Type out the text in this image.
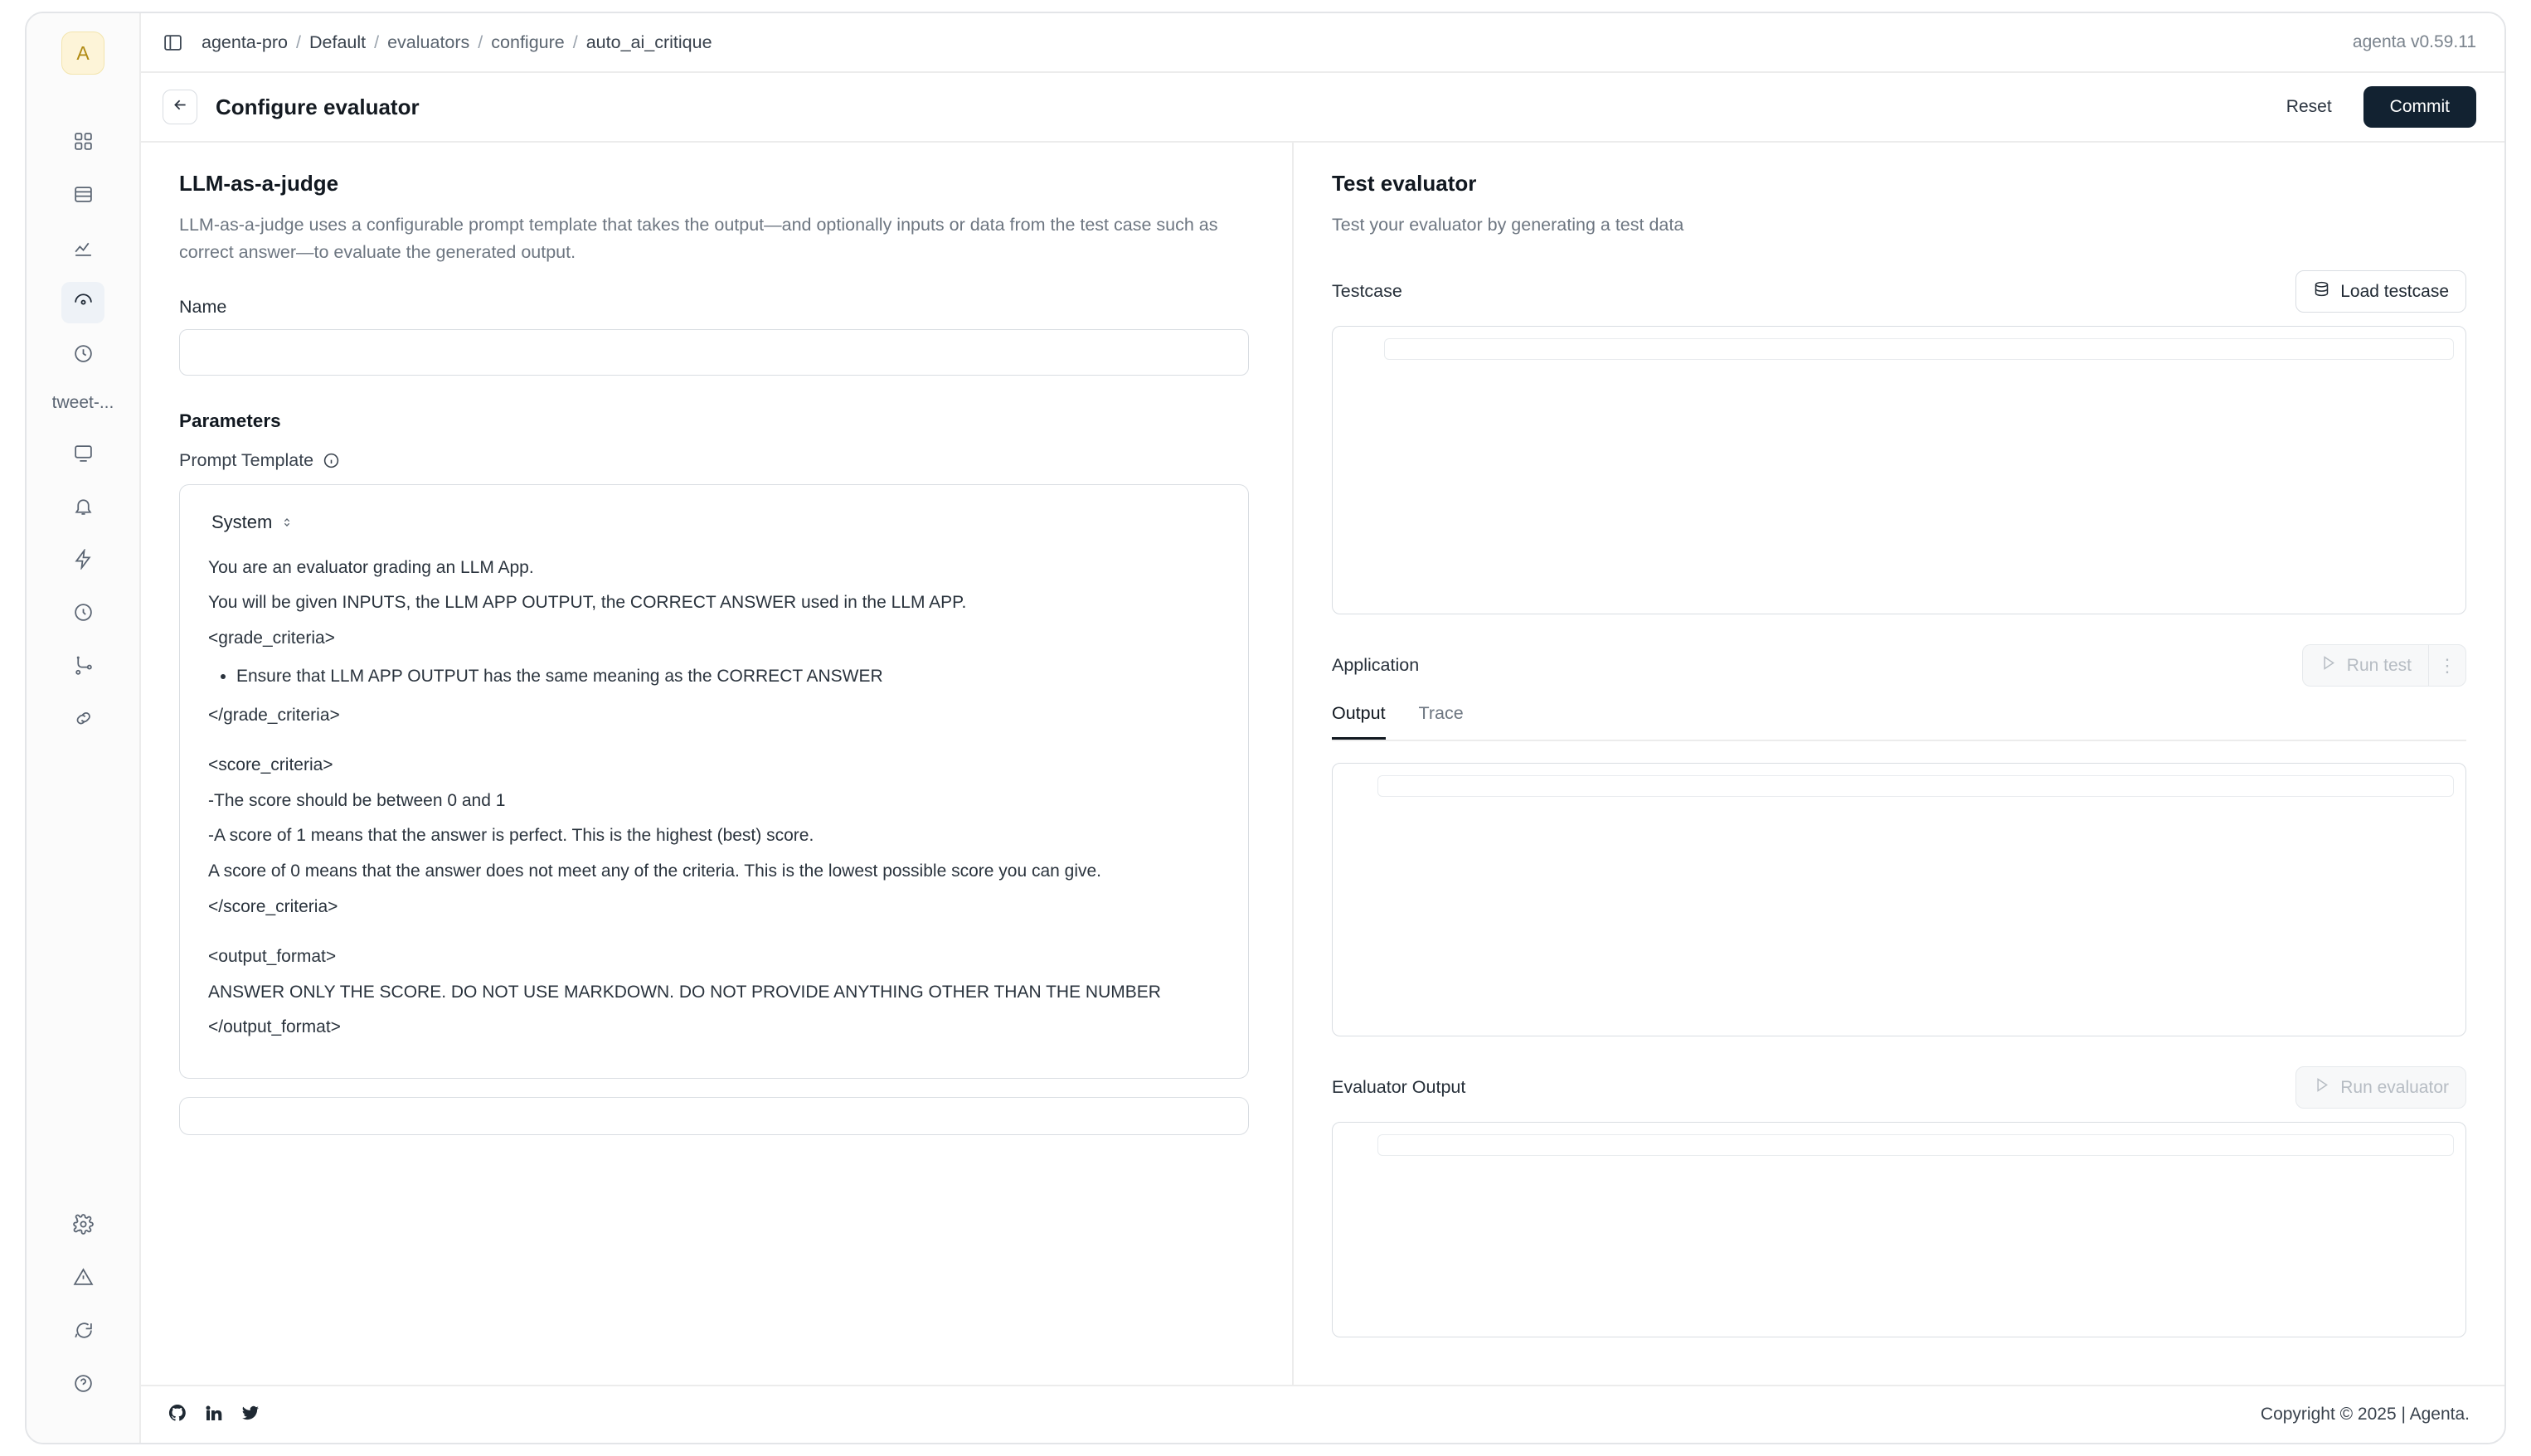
A
tweet-...
agenta-pro / Default / evaluators / configure / auto_ai_critique	agenta v0.59.11
Configure evaluator	Reset	Commit
LLM-as-a-judge
LLM-as-a-judge uses a configurable prompt template that takes the output—and optionally inputs or data from the test case such as correct answer—to evaluate the generated output.
Name
Parameters
Prompt Template
System

You are an evaluator grading an LLM App.

You will be given INPUTS, the LLM APP OUTPUT, the CORRECT ANSWER used in the LLM APP.

<grade_criteria>

• Ensure that LLM APP OUTPUT has the same meaning as the CORRECT ANSWER

</grade_criteria>

<score_criteria>

-The score should be between 0 and 1

-A score of 1 means that the answer is perfect. This is the highest (best) score.

A score of 0 means that the answer does not meet any of the criteria. This is the lowest possible score you can give.

</score_criteria>

<output_format>

ANSWER ONLY THE SCORE. DO NOT USE MARKDOWN. DO NOT PROVIDE ANYTHING OTHER THAN THE NUMBER

</output_format>

Test evaluator
Test your evaluator by generating a test data
Testcase	Load testcase
Application	Run test	⋮
Output Trace
Evaluator Output	Run evaluator
Copyright © 2025 | Agenta.
